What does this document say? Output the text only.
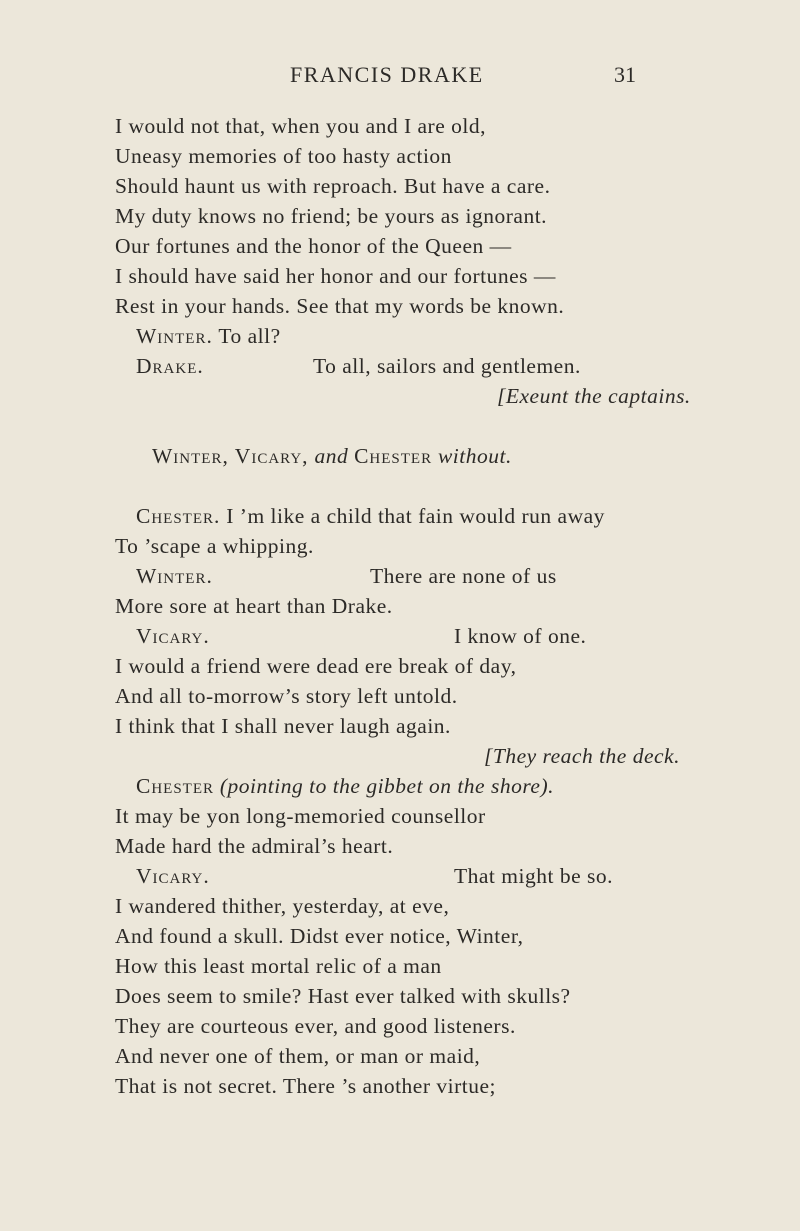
FRANCIS DRAKE	31
I would not that, when you and I are old,
Uneasy memories of too hasty action
Should haunt us with reproach. But have a care.
My duty knows no friend; be yours as ignorant.
Our fortunes and the honor of the Queen —
I should have said her honor and our fortunes —
Rest in your hands. See that my words be known.
Winter. To all?
Drake.	To all, sailors and gentlemen.
[Exeunt the captains.
Winter, Vicary, and Chester without.
Chester. I ’m like a child that fain would run away
To ’scape a whipping.
Winter.	There are none of us
More sore at heart than Drake.
Vicary.	I know of one.
I would a friend were dead ere break of day,
And all to-morrow’s story left untold.
I think that I shall never laugh again.
[They reach the deck.
Chester (pointing to the gibbet on the shore).
It may be yon long-memoried counsellor
Made hard the admiral’s heart.
Vicary.	That might be so.
I wandered thither, yesterday, at eve,
And found a skull. Didst ever notice, Winter,
How this least mortal relic of a man
Does seem to smile? Hast ever talked with skulls?
They are courteous ever, and good listeners.
And never one of them, or man or maid,
That is not secret. There ’s another virtue;
